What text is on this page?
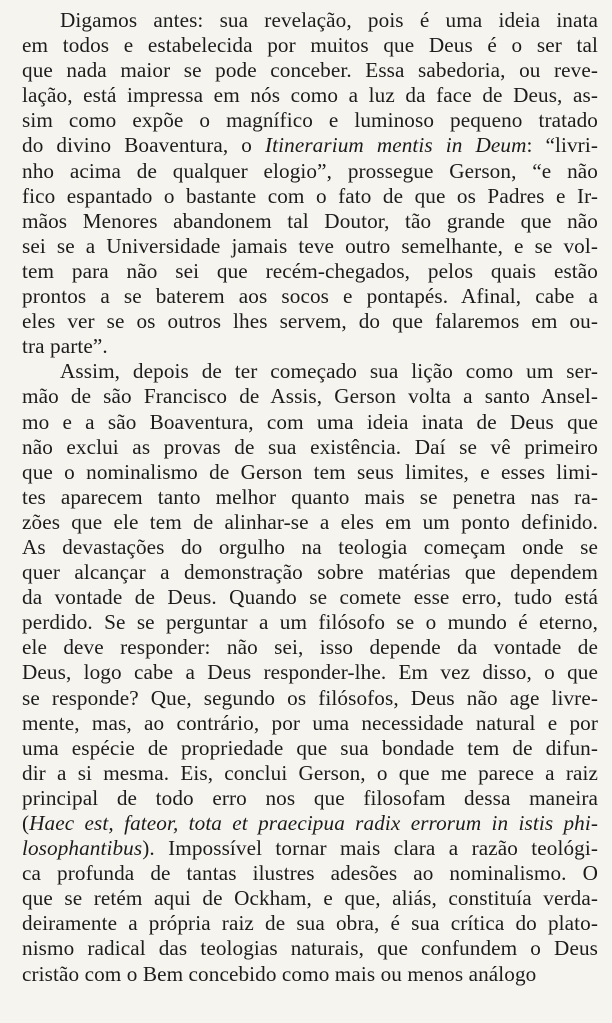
Digamos antes: sua revelação, pois é uma ideia inata
em todos e estabelecida por muitos que Deus é o ser tal
que nada maior se pode conceber. Essa sabedoria, ou reve-
lação, está impressa em nós como a luz da face de Deus, as-
sim como expõe o magnífico e luminoso pequeno tratado
do divino Boaventura, o Itinerarium mentis in Deum: “livri-
nho acima de qualquer elogio”, prossegue Gerson, “e não
fico espantado o bastante com o fato de que os Padres e Ir-
mãos Menores abandonem tal Doutor, tão grande que não
sei se a Universidade jamais teve outro semelhante, e se vol-
tem para não sei que recém-chegados, pelos quais estão
prontos a se baterem aos socos e pontapés. Afinal, cabe a
eles ver se os outros lhes servem, do que falaremos em ou-
tra parte”.
Assim, depois de ter começado sua lição como um ser-
mão de são Francisco de Assis, Gerson volta a santo Ansel-
mo e a são Boaventura, com uma ideia inata de Deus que
não exclui as provas de sua existência. Daí se vê primeiro
que o nominalismo de Gerson tem seus limites, e esses limi-
tes aparecem tanto melhor quanto mais se penetra nas ra-
zões que ele tem de alinhar-se a eles em um ponto definido.
As devastações do orgulho na teologia começam onde se
quer alcançar a demonstração sobre matérias que dependem
da vontade de Deus. Quando se comete esse erro, tudo está
perdido. Se se perguntar a um filósofo se o mundo é eterno,
ele deve responder: não sei, isso depende da vontade de
Deus, logo cabe a Deus responder-lhe. Em vez disso, o que
se responde? Que, segundo os filósofos, Deus não age livre-
mente, mas, ao contrário, por uma necessidade natural e por
uma espécie de propriedade que sua bondade tem de difun-
dir a si mesma. Eis, conclui Gerson, o que me parece a raiz
principal de todo erro nos que filosofam dessa maneira
(Haec est, fateor, tota et praecipua radix errorum in istis phi-
losophantibus). Impossível tornar mais clara a razão teológi-
ca profunda de tantas ilustres adesões ao nominalismo. O
que se retém aqui de Ockham, e que, aliás, constituía verda-
deiramente a própria raiz de sua obra, é sua crítica do plato-
nismo radical das teologias naturais, que confundem o Deus
cristão com o Bem concebido como mais ou menos análogo
